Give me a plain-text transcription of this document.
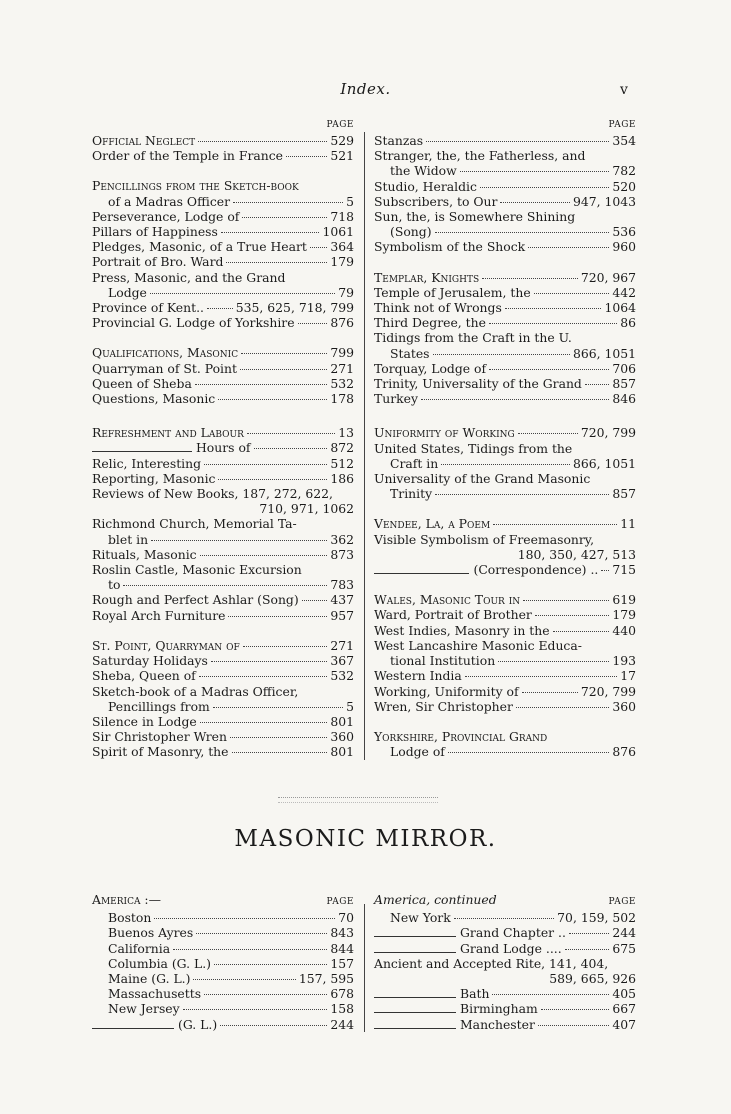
Index.	v
PAGE
Official Neglect	529
Order of the Temple in France	521
Pencillings from the Sketch-book
of a Madras Officer	5
Perseverance, Lodge of	718
Pillars of Happiness	1061
Pledges, Masonic, of a True Heart 364
Portrait of Bro. Ward	179
Press, Masonic, and the Grand
Lodge	79
Province of Kent..	535, 625, 718, 799
Provincial G. Lodge of Yorkshire	876
Qualifications, Masonic	799
Quarryman of St. Point	271
Queen of Sheba	532
Questions, Masonic	178
Refreshment and Labour	13
Hours of	872
Relic, Interesting	512
Reporting, Masonic	186
Reviews of New Books, 187, 272, 622,
710, 971, 1062
Richmond Church, Memorial Ta-
blet in	362
Rituals, Masonic	873
Roslin Castle, Masonic Excursion
to	783
Rough and Perfect Ashlar (Song)	437
Royal Arch Furniture	957
St. Point, Quarryman of	271
Saturday Holidays	367
Sheba, Queen of	532
Sketch-book of a Madras Officer,
Pencillings from	5
Silence in Lodge	801
Sir Christopher Wren	360
Spirit of Masonry, the	801
PAGE
Stanzas	354
Stranger, the, the Fatherless, and
the Widow	782
Studio, Heraldic	520
Subscribers, to Our	947, 1043
Sun, the, is Somewhere Shining
(Song)	536
Symbolism of the Shock	960
Templar, Knights	720, 967
Temple of Jerusalem, the	442
Think not of Wrongs	1064
Third Degree, the	86
Tidings from the Craft in the U.
States	866, 1051
Torquay, Lodge of	706
Trinity, Universality of the Grand 857
Turkey	846
Uniformity of Working	720, 799
United States, Tidings from the
Craft in	866, 1051
Universality of the Grand Masonic
Trinity	857
Vendee, La, a Poem	11
Visible Symbolism of Freemasonry,
180, 350, 427, 513
(Correspondence) .. 715
Wales, Masonic Tour in	619
Ward, Portrait of Brother	179
West Indies, Masonry in the	440
West Lancashire Masonic Educa-
tional Institution	193
Western India	17
Working, Uniformity of	720, 799
Wren, Sir Christopher	360
Yorkshire, Provincial Grand
Lodge of	876
MASONIC MIRROR.
America :—	PAGE
Boston	70
Buenos Ayres	843
California	844
Columbia (G. L.)	157
Maine (G. L.)	157, 595
Massachusetts	678
New Jersey	158
(G. L.)	244
America, continued	PAGE
New York	70, 159, 502
Grand Chapter ..	244
Grand Lodge ....	675
Ancient and Accepted Rite, 141, 404,
589, 665, 926
Bath	405
Birmingham	667
Manchester	407
